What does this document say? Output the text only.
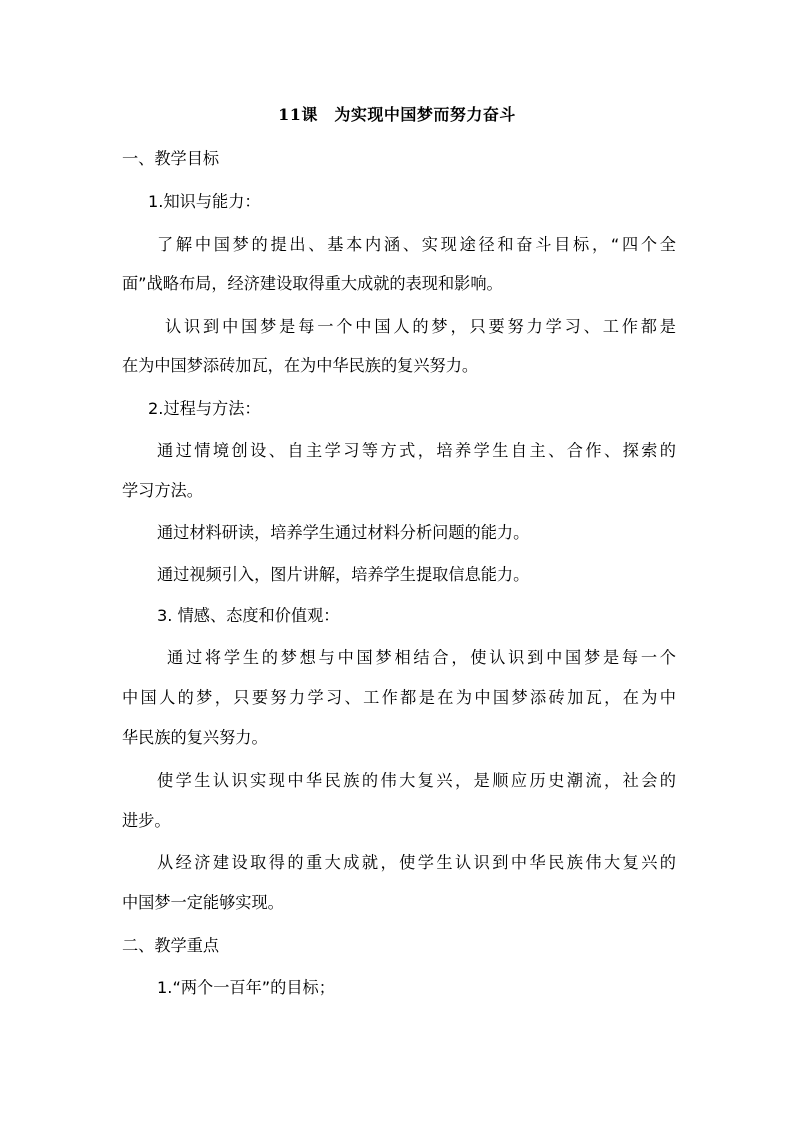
11课　为实现中国梦而努力奋斗
一、教学目标
1.知识与能力：
了解中国梦的提出、基本内涵、实现途径和奋斗目标，“四个全
面”战略布局，经济建设取得重大成就的表现和影响。
认识到中国梦是每一个中国人的梦，只要努力学习、工作都是
在为中国梦添砖加瓦，在为中华民族的复兴努力。
2.过程与方法：
通过情境创设、自主学习等方式，培养学生自主、合作、探索的
学习方法。
通过材料研读，培养学生通过材料分析问题的能力。
通过视频引入，图片讲解，培养学生提取信息能力。
3. 情感、态度和价值观：
通过将学生的梦想与中国梦相结合，使认识到中国梦是每一个
中国人的梦，只要努力学习、工作都是在为中国梦添砖加瓦，在为中
华民族的复兴努力。
使学生认识实现中华民族的伟大复兴，是顺应历史潮流，社会的
进步。
从经济建设取得的重大成就，使学生认识到中华民族伟大复兴的
中国梦一定能够实现。
二、教学重点
1.“两个一百年”的目标；
